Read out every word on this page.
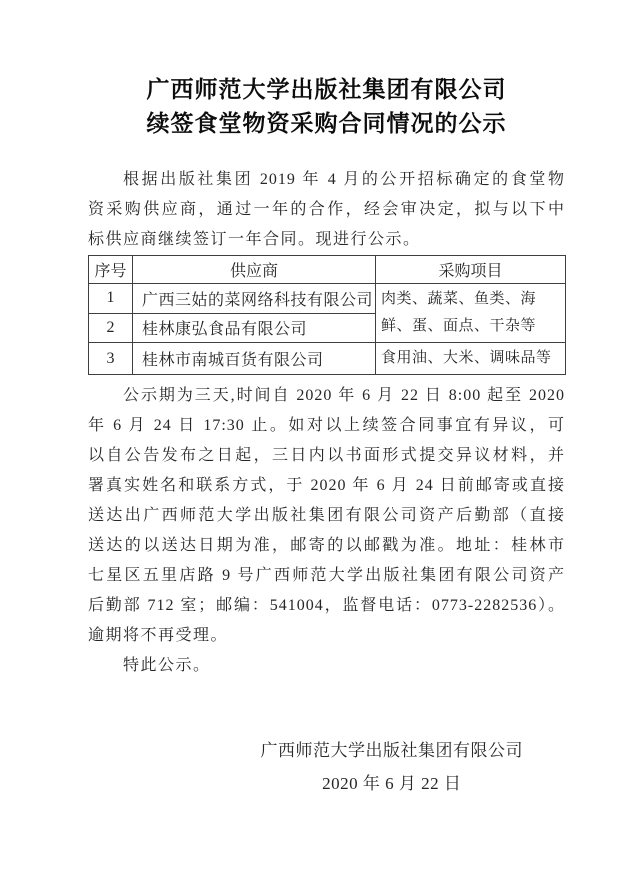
广西师范大学出版社集团有限公司
续签食堂物资采购合同情况的公示
根据出版社集团 2019 年 4 月的公开招标确定的食堂物
资采购供应商，通过一年的合作，经会审决定，拟与以下中
标供应商继续签订一年合同。现进行公示。
序号	供应商	采购项目
1	广西三姑的菜网络科技有限公司	肉类、蔬菜、鱼类、海鲜、蛋、面点、干杂等
2	桂林康弘食品有限公司	
3	桂林市南城百货有限公司	食用油、大米、调味品等
公示期为三天,时间自 2020 年 6 月 22 日 8:00 起至 2020
年 6 月 24 日 17:30 止。如对以上续签合同事宜有异议，可
以自公告发布之日起，三日内以书面形式提交异议材料，并
署真实姓名和联系方式，于 2020 年 6 月 24 日前邮寄或直接
送达出广西师范大学出版社集团有限公司资产后勤部（直接
送达的以送达日期为准，邮寄的以邮戳为准。地址：桂林市
七星区五里店路 9 号广西师范大学出版社集团有限公司资产
后勤部 712 室；邮编：541004，监督电话：0773-2282536）。
逾期将不再受理。
特此公示。
广西师范大学出版社集团有限公司
2020 年 6 月 22 日
